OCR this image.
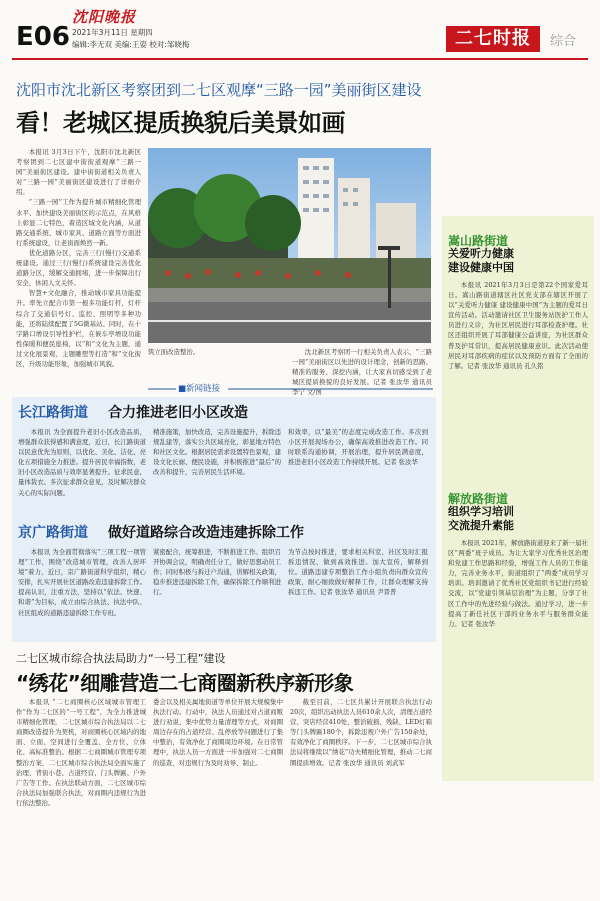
E06
沈阳晚报
2021年3月11日 星期四
编辑:李无双 美编:王姿 校对:邹晓梅	二七时报	综合
沈阳市沈北新区考察团到二七区观摩“三路一园”美丽街区建设
看！老城区提质换貌后美景如画

本报讯 3月3日下午，沈阳市沈北新区考察团到二七区建中街街道观摩“三路一园”美丽街区建设。建中街街道相关负责人对“三路一园”美丽街区建设进行了详细介绍。

“三路一园”工作为提升城市精细化管理水平、加快建设美丽街区的示范点，在风格上彰显二七特色，着造区域文化内涵，从道路交通系统、城市家具、道路立面等方面进行系统建设，让老街面焕然一新。

优化道路分区，完善三行(慢行)交通系统建设。通过三行(慢行)系统建设完善优化道路分区，缓解交通拥堵，进一步保障出行安全，休闲人文关怀。

智慧+文化融合，推动城市家具功能提升。率先立配合市第一根多功能灯杆，灯杆综合了交通信号灯、监控、照明等多种功能，还将陆续配置了5G微基站。同时，在十字路口增设引导性护栏，在候车亭增设功能性保暖和便民座椅，以“和”文化为主题，通过文化展景观、主题雕塑等打造“和”文化街区，升级功能形象，加强城市风貌。

筑立面改造整治。	沈北新区考察团一行相关负责人表示，“三路一园”美丽街区以先进的设计理念，创新的思路、精准的服务、深挖内涵，让大家真切感受到了老城区提质换貌的良好发展。记者 张汝华 通讯员 李宁 文/图

■新闻链接
长江路街道 合力推进老旧小区改造

本报讯 为全面提升老旧小区改造品质，增强群众获得感和满意度，近日，长江路街道以民意优先为原则，以优化、美化、洁化、亮化五项措施全力推进。提升居民幸福指数，老旧小区改造品质与效率显著提升。征求民意，量体裁衣。多次征求群众意见，及时解决群众关心的实际问题。

精准施策，加快改造，完善设施提升，拆除违规乱建等，落实公共区域亮化，彰显地方特色和社区文化。根据居民需求设置特色景观，建设文化长廊、便民设施，并积极推进“最后”的改善和提升，完善居民生活环境。

和效率，以“最美”的态度完成改造工作。多次到小区开展现场办公，确保高效推进改造工作。同时联系沟通协调，开展治理，提升居民满意度，推进老旧小区改造工作持续开展。记者 张汝华

京广路街道 做好道路综合改造违建拆除工作

本报讯 为全面贯彻落实“三项工程一项管理”工作，围绕“改造城市管理，改善人居环境”着力，近日，京广路街道科学组织，精心安排，扎实开展社区道路改造违建拆除工作。提高认识，注重方法，坚持以“依法、快速、和谐”为目标，成立由综合执法、执法中队、社区组成的道路违建拆除工作专班。

紧密配合，统筹推进，不断推进工作。组织召开协调会议，明确责任分工，做好思想动员工作；同时积极与拆迁户沟通，讲解相关政策，稳步推进违建拆除工作，确保拆除工作顺利进行。

为节点按时推进，要求相关科室、社区及时汇报拆违情况，做到高效推进。加大宣传，解释到位。道路违建专项整治工作小组负责向群众宣传政策，耐心细致做好解释工作，让群众理解支持拆违工作。记者 张汝华 通讯员 尹晋普

二七区城市综合执法局助力“一号工程”建设
“绣花”细雕营造二七商圈新秩序新形象

本报讯 “二七商圈核心区域城市管理工作”作为二七区的“一号工程”，为全力推进城市精细化管理，二七区城市综合执法局以二七商圈改造提升为契机，对商圈核心区域内的地面、立面、空间进行全覆盖、全方位、立体化、高标准整治。根据二七商圈城市管理专项整治方案，二七区城市综合执法局全面实施了治理、背街小巷、占道经营、门头牌匾、户外广告等工作。在执法联动方面，二七区城市综合执法局加强联合执法，对商圈内违规行为进行依法整治。

委会以及相关属地街道等单位开展大规模集中执法行动。行动中，执法人员通过对占道商贩进行劝说、集中优势力量清理等方式，对商圈周边存在的占道经营、乱停放等问题进行了集中整治，有效净化了商圈周边环境。在日常管理中，执法人员一方面进一步加强对二七商圈的巡查，对违规行为及时劝导、制止。

截至目前，二七区共累计开展联合执法行动20次，组织出动执法人员610余人次，清理占道经营、突店经营410处，整治破损、残缺、LED灯箱等门头牌匾180个，拆除违规户外广告150余处，有效净化了商圈秩序。下一步，二七区城市综合执法局将继续以“绣花”功夫精细化管理，推动二七商圈提质增效。记者 张汝华 通讯员 刘武军

嵩山路街道
关爱听力健康
建设健康中国

本报讯 2021年3月3日是第22个国家爱耳日。嵩山路街道辖区社区党支部在辖区开展了以“关爱听力健康 建设健康中国”为主题的爱耳日宣传活动。活动邀请社区卫生服务站医护工作人员进行义诊，为社区居民进行耳部检查护理。社区还组织开展了耳部健康公益讲座，为社区群众普及护耳常识，提高居民健康意识。此次活动使居民对耳部疾病的症状以及预防方面有了全面的了解。记者 张汝华 通讯员 孔久铭

解放路街道
组织学习培训
交流提升素能

本报讯 2021年，解放路街道迎来了新一届社区“两委”班子成员。为让大家学习优秀社区治理和党建工作思路和经验，增强工作人员的工作能力，完善业务水平，街道组织了“两委”成员学习培训。培训邀请了优秀社区党组织书记进行经验交流，以“党建引领基层治理”为主题，分享了社区工作中的先进经验与做法。通过学习，进一步提高了新任社区干部的业务水平与服务群众能力。记者 张汝华
